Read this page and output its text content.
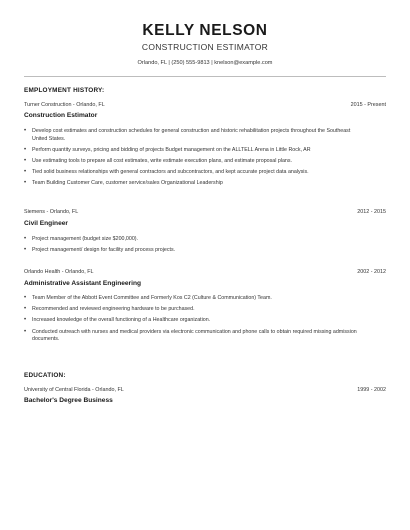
KELLY NELSON
CONSTRUCTION ESTIMATOR
Orlando, FL | (250) 555-9813 | knelson@example.com
EMPLOYMENT HISTORY:
Turner Construction - Orlando, FL	2015 - Present
Construction Estimator
• Develop cost estimates and construction schedules for general construction and historic rehabilitation projects throughout the Southeast United States.
• Perform quantity surveys, pricing and bidding of projects Budget management on the ALLTELL Arena in Little Rock, AR
• Use estimating tools to prepare all cost estimates, write estimate execution plans, and estimate proposal plans.
• Tied solid business relationships with general contractors and subcontractors, and kept accurate project data analysis.
• Team Building Customer Care, customer service/sales Organizational Leadership
Siemens - Orlando, FL	2012 - 2015
Civil Engineer
• Project management (budget size $200,000).
• Project management/ design for facility and process projects.
Orlando Health - Orlando, FL	2002 - 2012
Administrative Assistant Engineering
• Team Member of the Abbott Event Committee and Formerly Kos C2 (Culture & Communication) Team.
• Recommended and reviewed engineering hardware to be purchased.
• Increased knowledge of the overall functioning of a Healthcare organization.
• Conducted outreach with nurses and medical providers via electronic communication and phone calls to obtain required missing admission documents.
EDUCATION:
University of Central Florida - Orlando, FL	1999 - 2002
Bachelor's Degree Business
